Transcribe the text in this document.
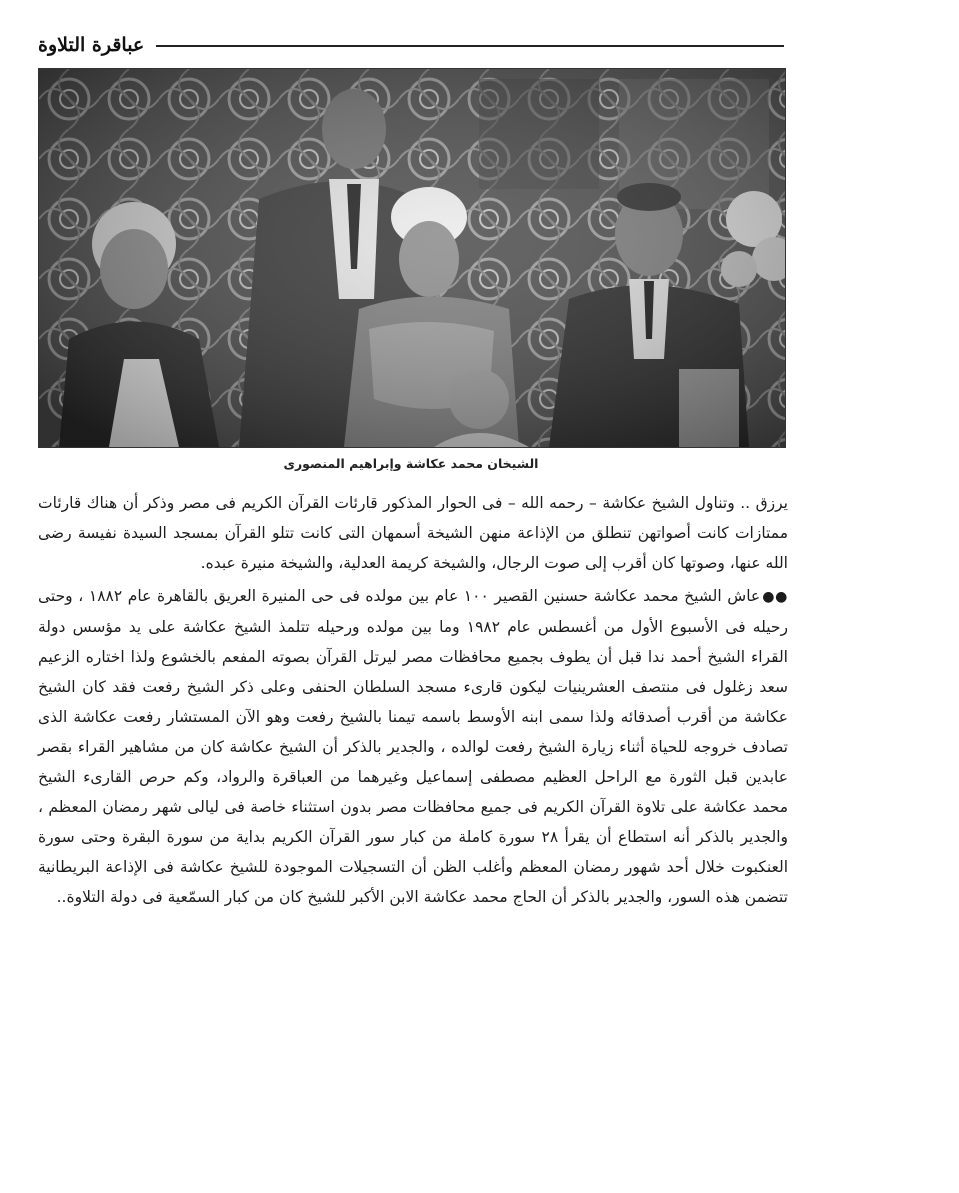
عباقرة التلاوة
الشيخان محمد عكاشة وإبراهيم المنصورى

يرزق .. وتناول الشيخ عكاشة – رحمه الله – فى الحوار المذكور قارئات القرآن الكريم فى مصر وذكر أن هناك قارئات ممتازات كانت أصواتهن تنطلق من الإذاعة منهن الشيخة أسمهان التى كانت تتلو القرآن بمسجد السيدة نفيسة رضى الله عنها، وصوتها كان أقرب إلى صوت الرجال، والشيخة كريمة العدلية، والشيخة منيرة عبده.

●●عاش الشيخ محمد عكاشة حسنين القصير ١٠٠ عام بين مولده فى حى المنيرة العريق بالقاهرة عام ١٨٨٢ ، وحتى رحيله فى الأسبوع الأول من أغسطس عام ١٩٨٢ وما بين مولده ورحيله تتلمذ الشيخ عكاشة على يد مؤسس دولة القراء الشيخ أحمد ندا قبل أن يطوف بجميع محافظات مصر ليرتل القرآن بصوته المفعم بالخشوع ولذا اختاره الزعيم سعد زغلول فى منتصف العشرينيات ليكون قارىء مسجد السلطان الحنفى وعلى ذكر الشيخ رفعت فقد كان الشيخ عكاشة من أقرب أصدقائه ولذا سمى ابنه الأوسط باسمه تيمنا بالشيخ رفعت وهو الآن المستشار رفعت عكاشة الذى تصادف خروجه للحياة أثناء زيارة الشيخ رفعت لوالده ، والجدير بالذكر أن الشيخ عكاشة كان من مشاهير القراء بقصر عابدين قبل الثورة مع الراحل العظيم مصطفى إسماعيل وغيرهما من العباقرة والرواد، وكم حرص القارىء الشيخ محمد عكاشة على تلاوة القرآن الكريم فى جميع محافظات مصر بدون استثناء خاصة فى ليالى شهر رمضان المعظم ، والجدير بالذكر أنه استطاع أن يقرأ ٢٨ سورة كاملة من كبار سور القرآن الكريم بداية من سورة البقرة وحتى سورة العنكبوت خلال أحد شهور رمضان المعظم وأغلب الظن أن التسجيلات الموجودة للشيخ عكاشة فى الإذاعة البريطانية تتضمن هذه السور، والجدير بالذكر أن الحاج محمد عكاشة الابن الأكبر للشيخ كان من كبار السمّعية فى دولة التلاوة..
